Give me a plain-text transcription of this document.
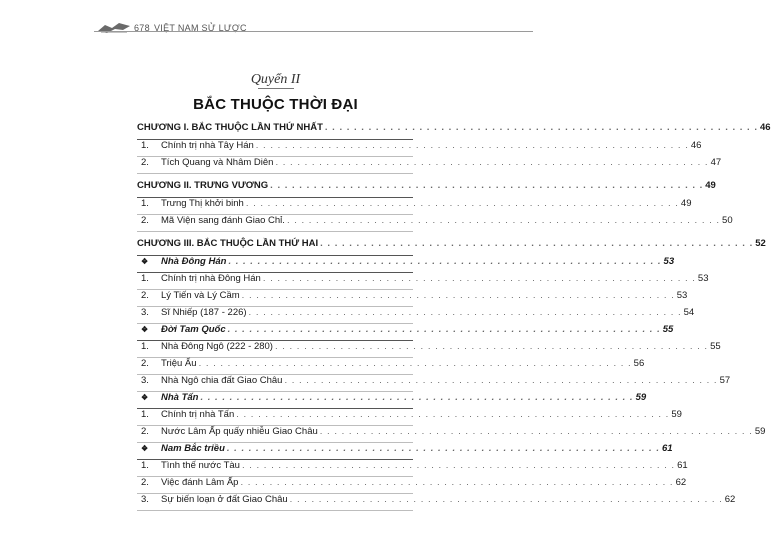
678 VIỆT NAM SỬ LƯỢC
Quyển II
BẮC THUỘC THỜI ĐẠI
CHƯƠNG I. BẮC THUỘC LẦN THỨ NHẤT . . . . . . . . . . . . . . . . . . . . . . . . . . . . . . . . . . . . . . . . . . . . . . . . . . . . . . . . . . . . 46
1. Chính trị nhà Tây Hán . . . . . . . . . . . . . . . . . . . . . . . . . . . . . . . . . . . . . . . . . . . . . . . . . . . . . . . . . . . . 46
2. Tích Quang và Nhâm Diên . . . . . . . . . . . . . . . . . . . . . . . . . . . . . . . . . . . . . . . . . . . . . . . . . . . . . . . . . . . . 47
CHƯƠNG II. TRƯNG VƯƠNG . . . . . . . . . . . . . . . . . . . . . . . . . . . . . . . . . . . . . . . . . . . . . . . . . . . . . . . . . . . . 49
1. Trưng Thị khởi binh . . . . . . . . . . . . . . . . . . . . . . . . . . . . . . . . . . . . . . . . . . . . . . . . . . . . . . . . . . . . 49
2. Mã Viện sang đánh Giao Chỉ. . . . . . . . . . . . . . . . . . . . . . . . . . . . . . . . . . . . . . . . . . . . . . . . . . . . . . . . . . . . . 50
CHƯƠNG III. BẮC THUỘC LẦN THỨ HAI . . . . . . . . . . . . . . . . . . . . . . . . . . . . . . . . . . . . . . . . . . . . . . . . . . . . . . . . . . . . 52
❖ Nhà Đông Hán . . . . . . . . . . . . . . . . . . . . . . . . . . . . . . . . . . . . . . . . . . . . . . . . . . . . . . . . . . . . 53
1. Chính trị nhà Đông Hán . . . . . . . . . . . . . . . . . . . . . . . . . . . . . . . . . . . . . . . . . . . . . . . . . . . . . . . . . . . . 53
2. Lý Tiến và Lý Cầm . . . . . . . . . . . . . . . . . . . . . . . . . . . . . . . . . . . . . . . . . . . . . . . . . . . . . . . . . . . . 53
3. Sĩ Nhiếp (187 - 226) . . . . . . . . . . . . . . . . . . . . . . . . . . . . . . . . . . . . . . . . . . . . . . . . . . . . . . . . . . . . 54
❖ Đời Tam Quốc . . . . . . . . . . . . . . . . . . . . . . . . . . . . . . . . . . . . . . . . . . . . . . . . . . . . . . . . . . . . 55
1. Nhà Đông Ngô (222 - 280) . . . . . . . . . . . . . . . . . . . . . . . . . . . . . . . . . . . . . . . . . . . . . . . . . . . . . . . . . . . . 55
2. Triệu Ẩu . . . . . . . . . . . . . . . . . . . . . . . . . . . . . . . . . . . . . . . . . . . . . . . . . . . . . . . . . . . . 56
3. Nhà Ngô chia đất Giao Châu . . . . . . . . . . . . . . . . . . . . . . . . . . . . . . . . . . . . . . . . . . . . . . . . . . . . . . . . . . . . 57
❖ Nhà Tấn . . . . . . . . . . . . . . . . . . . . . . . . . . . . . . . . . . . . . . . . . . . . . . . . . . . . . . . . . . . . 59
1. Chính trị nhà Tấn . . . . . . . . . . . . . . . . . . . . . . . . . . . . . . . . . . . . . . . . . . . . . . . . . . . . . . . . . . . . 59
2. Nước Lâm Ấp quấy nhiễu Giao Châu . . . . . . . . . . . . . . . . . . . . . . . . . . . . . . . . . . . . . . . . . . . . . . . . . . . . . . . . . . . . 59
❖ Nam Bắc triều . . . . . . . . . . . . . . . . . . . . . . . . . . . . . . . . . . . . . . . . . . . . . . . . . . . . . . . . . . . . 61
1. Tình thế nước Tàu . . . . . . . . . . . . . . . . . . . . . . . . . . . . . . . . . . . . . . . . . . . . . . . . . . . . . . . . . . . . 61
2. Việc đánh Lâm Ấp . . . . . . . . . . . . . . . . . . . . . . . . . . . . . . . . . . . . . . . . . . . . . . . . . . . . . . . . . . . . 62
3. Sự biến loạn ở đất Giao Châu . . . . . . . . . . . . . . . . . . . . . . . . . . . . . . . . . . . . . . . . . . . . . . . . . . . . . . . . . . . . 62
